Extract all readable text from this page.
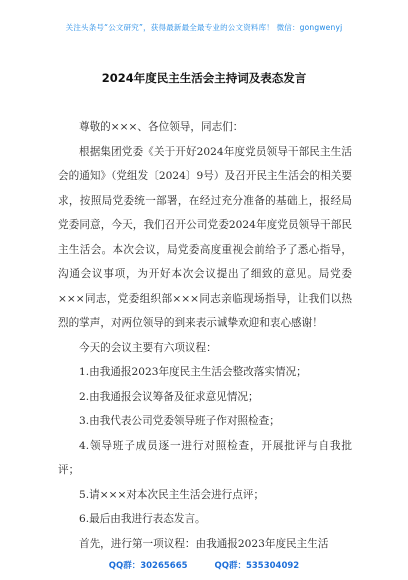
关注头条号“公文研究”，获得最新最全最专业的公文资料库！ 微信：gongwenyj
2024年度民主生活会主持词及表态发言

尊敬的×××、各位领导，同志们：

根据集团党委《关于开好2024年度党员领导干部民主生活会的通知》（党组发〔2024〕9号）及召开民主生活会的相关要求，按照局党委统一部署，在经过充分准备的基础上，报经局党委同意，今天，我们召开公司党委2024年度党员领导干部民主生活会。本次会议，局党委高度重视会前给予了悉心指导，沟通会议事项，为开好本次会议提出了细致的意见。局党委×××同志，党委组织部×××同志亲临现场指导，让我们以热烈的掌声，对两位领导的到来表示诚挚欢迎和衷心感谢！

今天的会议主要有六项议程：

1.由我通报2023年度民主生活会整改落实情况；

2.由我通报会议筹备及征求意见情况；

3.由我代表公司党委领导班子作对照检查；

4.领导班子成员逐一进行对照检查，开展批评与自我批评；

5.请×××对本次民主生活会进行点评；

6.最后由我进行表态发言。

首先，进行第一项议程：由我通报2023年度民主生活

QQ群：30265665	QQ群：535304092
